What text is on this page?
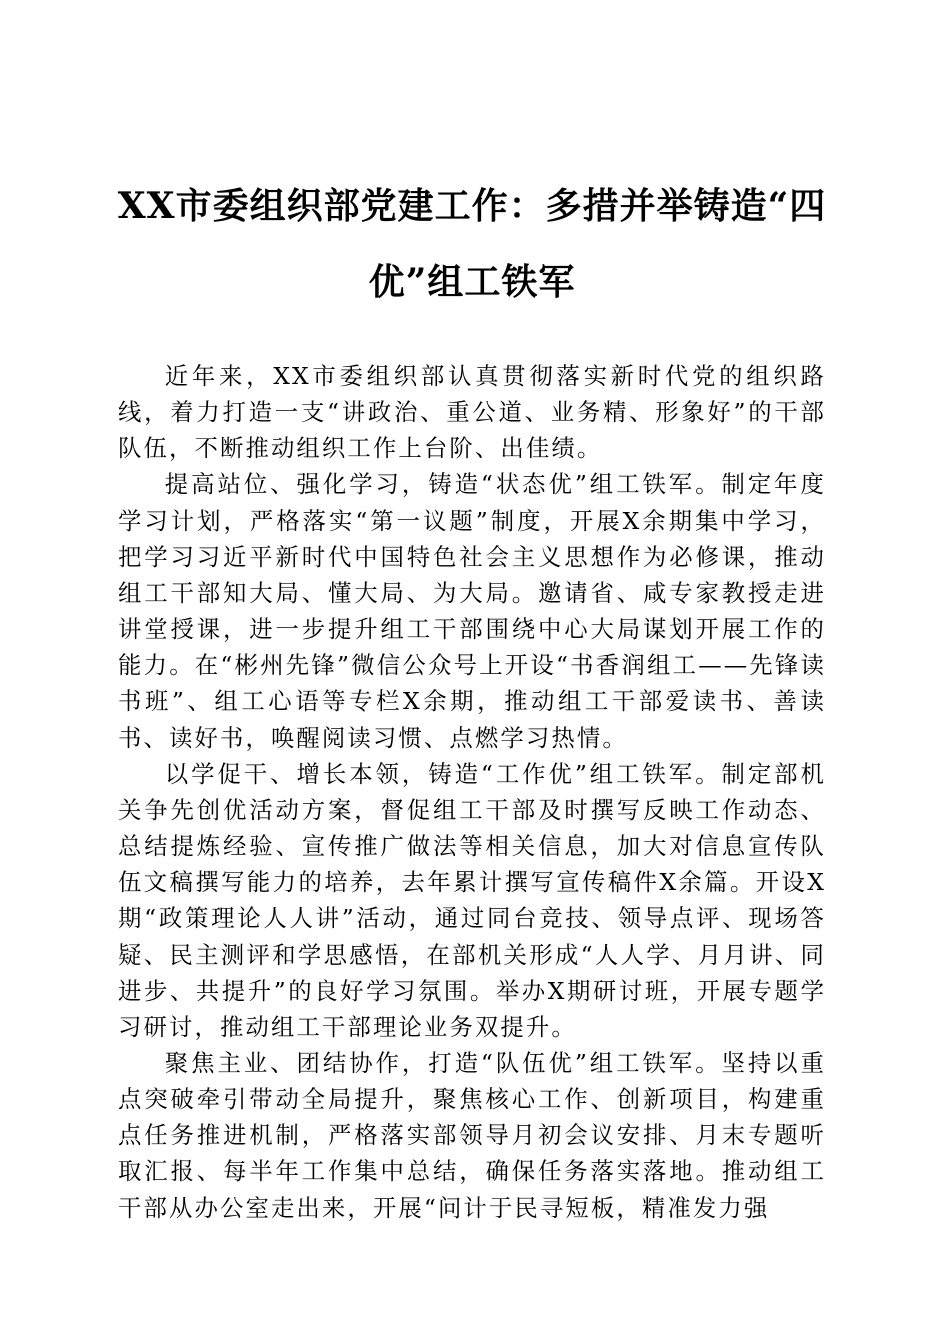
XX市委组织部党建工作：多措并举铸造“四优”组工铁军

近年来，XX市委组织部认真贯彻落实新时代党的组织路线，着力打造一支“讲政治、重公道、业务精、形象好”的干部队伍，不断推动组织工作上台阶、出佳绩。

提高站位、强化学习，铸造“状态优”组工铁军。制定年度学习计划，严格落实“第一议题”制度，开展X余期集中学习，把学习习近平新时代中国特色社会主义思想作为必修课，推动组工干部知大局、懂大局、为大局。邀请省、咸专家教授走进讲堂授课，进一步提升组工干部围绕中心大局谋划开展工作的能力。在“彬州先锋”微信公众号上开设“书香润组工——先锋读书班”、组工心语等专栏X余期，推动组工干部爱读书、善读书、读好书，唤醒阅读习惯、点燃学习热情。

以学促干、增长本领，铸造“工作优”组工铁军。制定部机关争先创优活动方案，督促组工干部及时撰写反映工作动态、总结提炼经验、宣传推广做法等相关信息，加大对信息宣传队伍文稿撰写能力的培养，去年累计撰写宣传稿件X余篇。开设X期“政策理论人人讲”活动，通过同台竞技、领导点评、现场答疑、民主测评和学思感悟，在部机关形成“人人学、月月讲、同进步、共提升”的良好学习氛围。举办X期研讨班，开展专题学习研讨，推动组工干部理论业务双提升。

聚焦主业、团结协作，打造“队伍优”组工铁军。坚持以重点突破牵引带动全局提升，聚焦核心工作、创新项目，构建重点任务推进机制，严格落实部领导月初会议安排、月末专题听取汇报、每半年工作集中总结，确保任务落实落地。推动组工干部从办公室走出来，开展“问计于民寻短板，精准发力强
